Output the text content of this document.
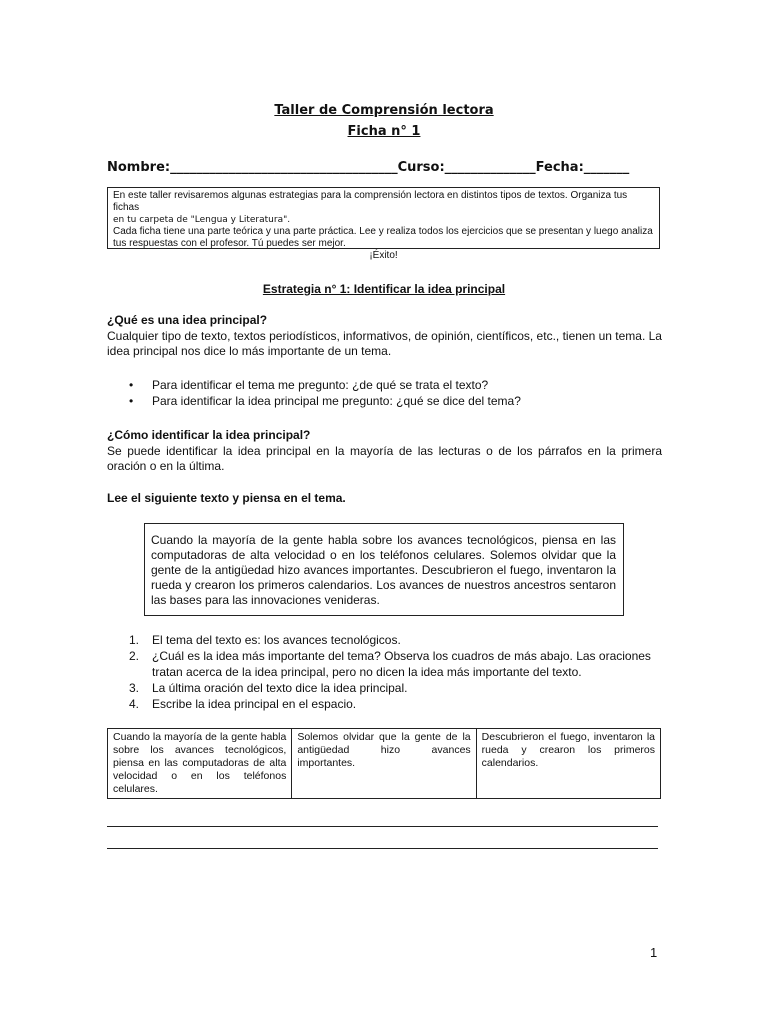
Taller de Comprensión lectora
Ficha n° 1
Nombre:___________________________________Curso:______________Fecha:_______

En este taller revisaremos algunas estrategias para la comprensión lectora en distintos tipos de textos. Organiza tus fichas

en tu carpeta de "Lengua y Literatura".

Cada ficha tiene una parte teórica y una parte práctica. Lee y realiza todos los ejercicios que se presentan y luego analiza

tus respuestas con el profesor. Tú puedes ser mejor.

¡Éxito!

Estrategia n° 1: Identificar la idea principal
¿Qué es una idea principal?
Cualquier tipo de texto, textos periodísticos, informativos, de opinión, científicos, etc., tienen un tema. La idea principal nos dice lo más importante de un tema.
• Para identificar el tema me pregunto: ¿de qué se trata el texto?
• Para identificar la idea principal me pregunto: ¿qué se dice del tema?
¿Cómo identificar la idea principal?
Se puede identificar la idea principal en la mayoría de las lecturas o de los párrafos en la primera oración o en la última.
Lee el siguiente texto y piensa en el tema.
Cuando la mayoría de la gente habla sobre los avances tecnológicos, piensa en las computadoras de alta velocidad o en los teléfonos celulares. Solemos olvidar que la gente de la antigüedad hizo avances importantes. Descubrieron el fuego, inventaron la rueda y crearon los primeros calendarios. Los avances de nuestros ancestros sentaron las bases para las innovaciones venideras.
1. El tema del texto es: los avances tecnológicos.
2. ¿Cuál es la idea más importante del tema? Observa los cuadros de más abajo. Las oraciones tratan acerca de la idea principal, pero no dicen la idea más importante del texto.
3. La última oración del texto dice la idea principal.
4. Escribe la idea principal en el espacio.
Cuando la mayoría de la gente habla sobre los avances tecnológicos, piensa en las computadoras de alta velocidad o en los teléfonos celulares.	Solemos olvidar que la gente de la antigüedad hizo avances importantes.	Descubrieron el fuego, inventaron la rueda y crearon los primeros calendarios.
1
